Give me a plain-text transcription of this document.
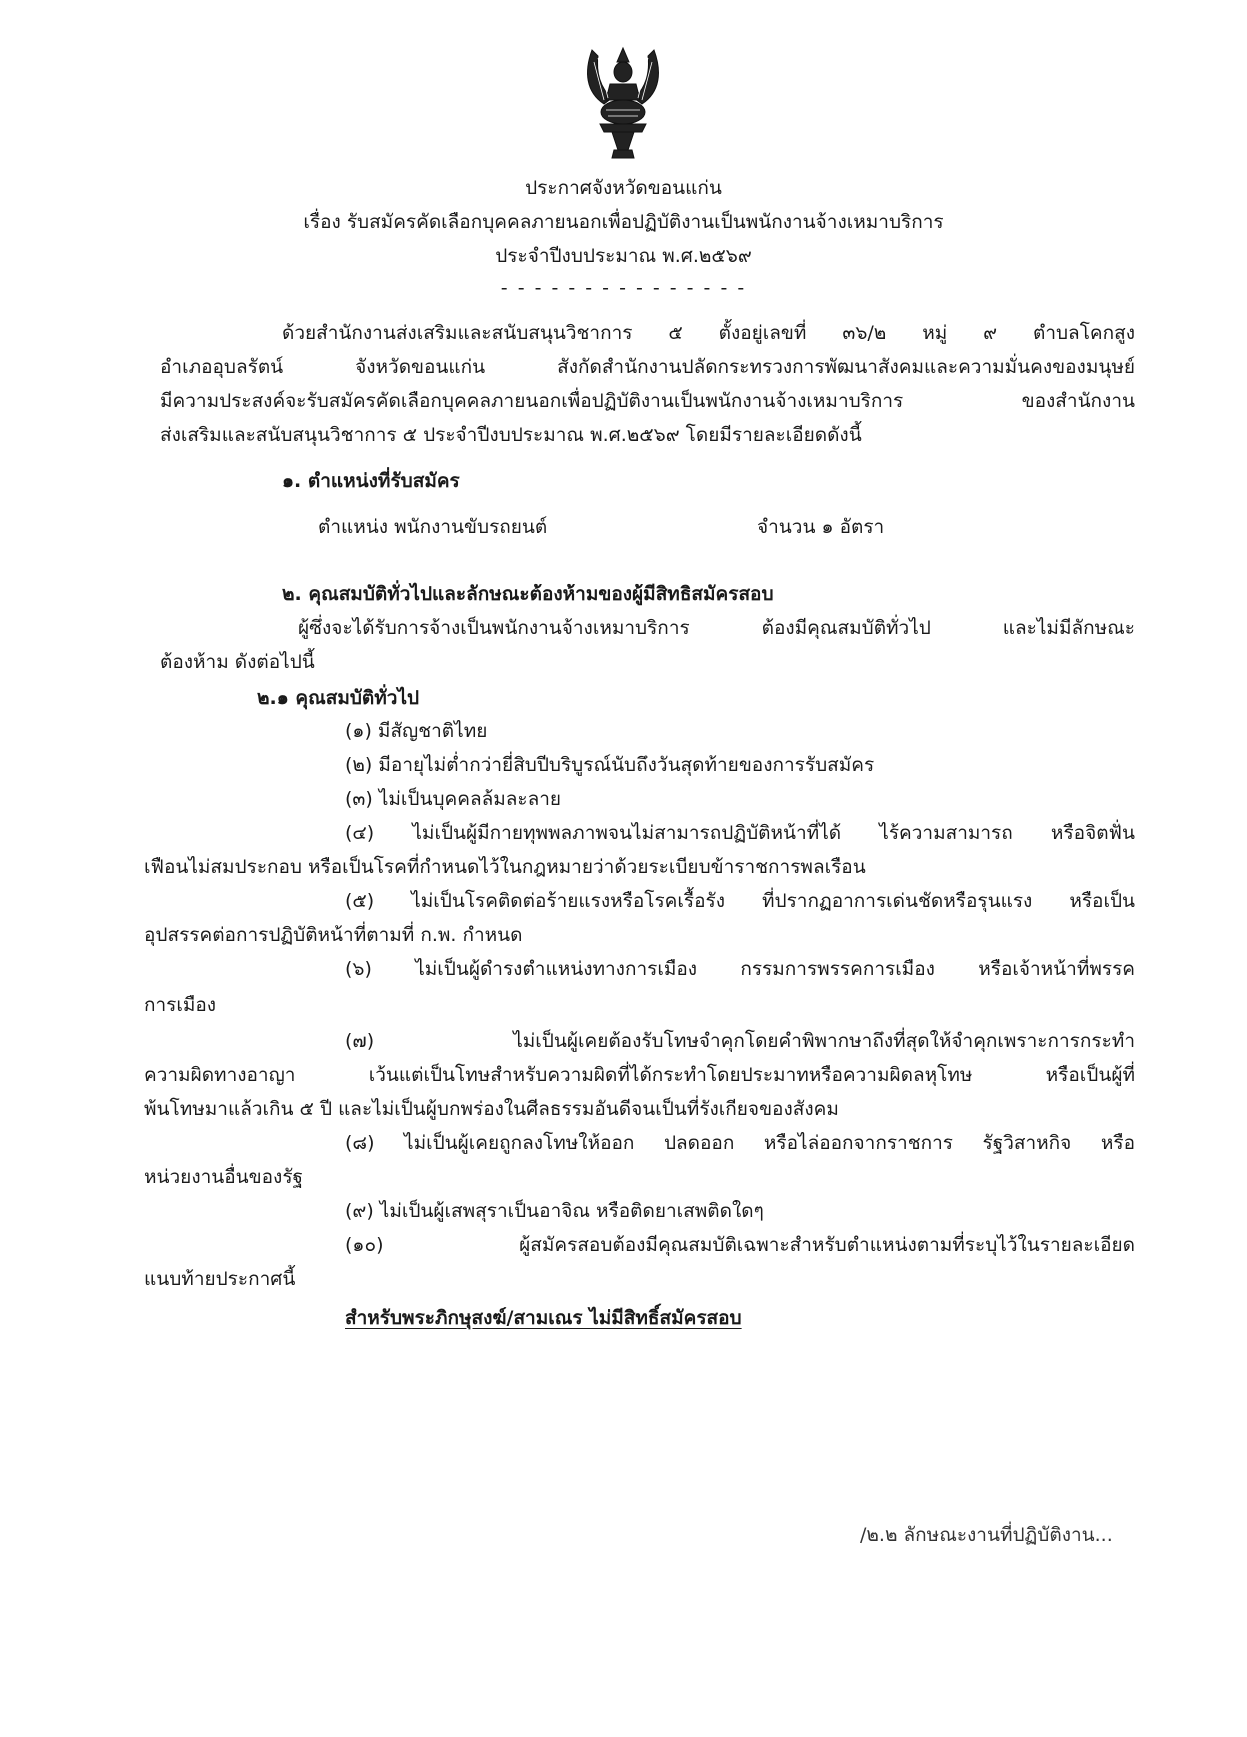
ประกาศจังหวัดขอนแก่น
เรื่อง รับสมัครคัดเลือกบุคคลภายนอกเพื่อปฏิบัติงานเป็นพนักงานจ้างเหมาบริการ
ประจำปีงบประมาณ พ.ศ.๒๕๖๙
- - - - - - - - - - - - - - -
ด้วยสำนักงานส่งเสริมและสนับสนุนวิชาการ ๕ ตั้งอยู่เลขที่ ๓๖/๒ หมู่ ๙ ตำบลโคกสูง
อำเภออุบลรัตน์ จังหวัดขอนแก่น สังกัดสำนักงานปลัดกระทรวงการพัฒนาสังคมและความมั่นคงของมนุษย์
มีความประสงค์จะรับสมัครคัดเลือกบุคคลภายนอกเพื่อปฏิบัติงานเป็นพนักงานจ้างเหมาบริการ ของสำนักงาน
ส่งเสริมและสนับสนุนวิชาการ ๕ ประจำปีงบประมาณ พ.ศ.๒๕๖๙ โดยมีรายละเอียดดังนี้
๑. ตำแหน่งที่รับสมัคร
ตำแหน่ง พนักงานขับรถยนต์	จำนวน ๑ อัตรา
๒. คุณสมบัติทั่วไปและลักษณะต้องห้ามของผู้มีสิทธิสมัครสอบ
ผู้ซึ่งจะได้รับการจ้างเป็นพนักงานจ้างเหมาบริการ ต้องมีคุณสมบัติทั่วไป และไม่มีลักษณะ
ต้องห้าม ดังต่อไปนี้
๒.๑ คุณสมบัติทั่วไป
(๑) มีสัญชาติไทย
(๒) มีอายุไม่ต่ำกว่ายี่สิบปีบริบูรณ์นับถึงวันสุดท้ายของการรับสมัคร
(๓) ไม่เป็นบุคคลล้มละลาย
(๔) ไม่เป็นผู้มีกายทุพพลภาพจนไม่สามารถปฏิบัติหน้าที่ได้ ไร้ความสามารถ หรือจิตฟั่น
เฟือนไม่สมประกอบ หรือเป็นโรคที่กำหนดไว้ในกฎหมายว่าด้วยระเบียบข้าราชการพลเรือน
(๕) ไม่เป็นโรคติดต่อร้ายแรงหรือโรคเรื้อรัง ที่ปรากฏอาการเด่นชัดหรือรุนแรง หรือเป็น
อุปสรรคต่อการปฏิบัติหน้าที่ตามที่ ก.พ. กำหนด
(๖) ไม่เป็นผู้ดำรงตำแหน่งทางการเมือง กรรมการพรรคการเมือง หรือเจ้าหน้าที่พรรค
การเมือง
(๗) ไม่เป็นผู้เคยต้องรับโทษจำคุกโดยคำพิพากษาถึงที่สุดให้จำคุกเพราะการกระทำ
ความผิดทางอาญา เว้นแต่เป็นโทษสำหรับความผิดที่ได้กระทำโดยประมาทหรือความผิดลหุโทษ หรือเป็นผู้ที่
พ้นโทษมาแล้วเกิน ๕ ปี และไม่เป็นผู้บกพร่องในศีลธรรมอันดีจนเป็นที่รังเกียจของสังคม
(๘) ไม่เป็นผู้เคยถูกลงโทษให้ออก ปลดออก หรือไล่ออกจากราชการ รัฐวิสาหกิจ หรือ
หน่วยงานอื่นของรัฐ
(๙) ไม่เป็นผู้เสพสุราเป็นอาจิณ หรือติดยาเสพติดใดๆ
(๑๐) ผู้สมัครสอบต้องมีคุณสมบัติเฉพาะสำหรับตำแหน่งตามที่ระบุไว้ในรายละเอียด
แนบท้ายประกาศนี้
สำหรับพระภิกษุสงฆ์/สามเณร ไม่มีสิทธิ์สมัครสอบ
/๒.๒ ลักษณะงานที่ปฏิบัติงาน...
